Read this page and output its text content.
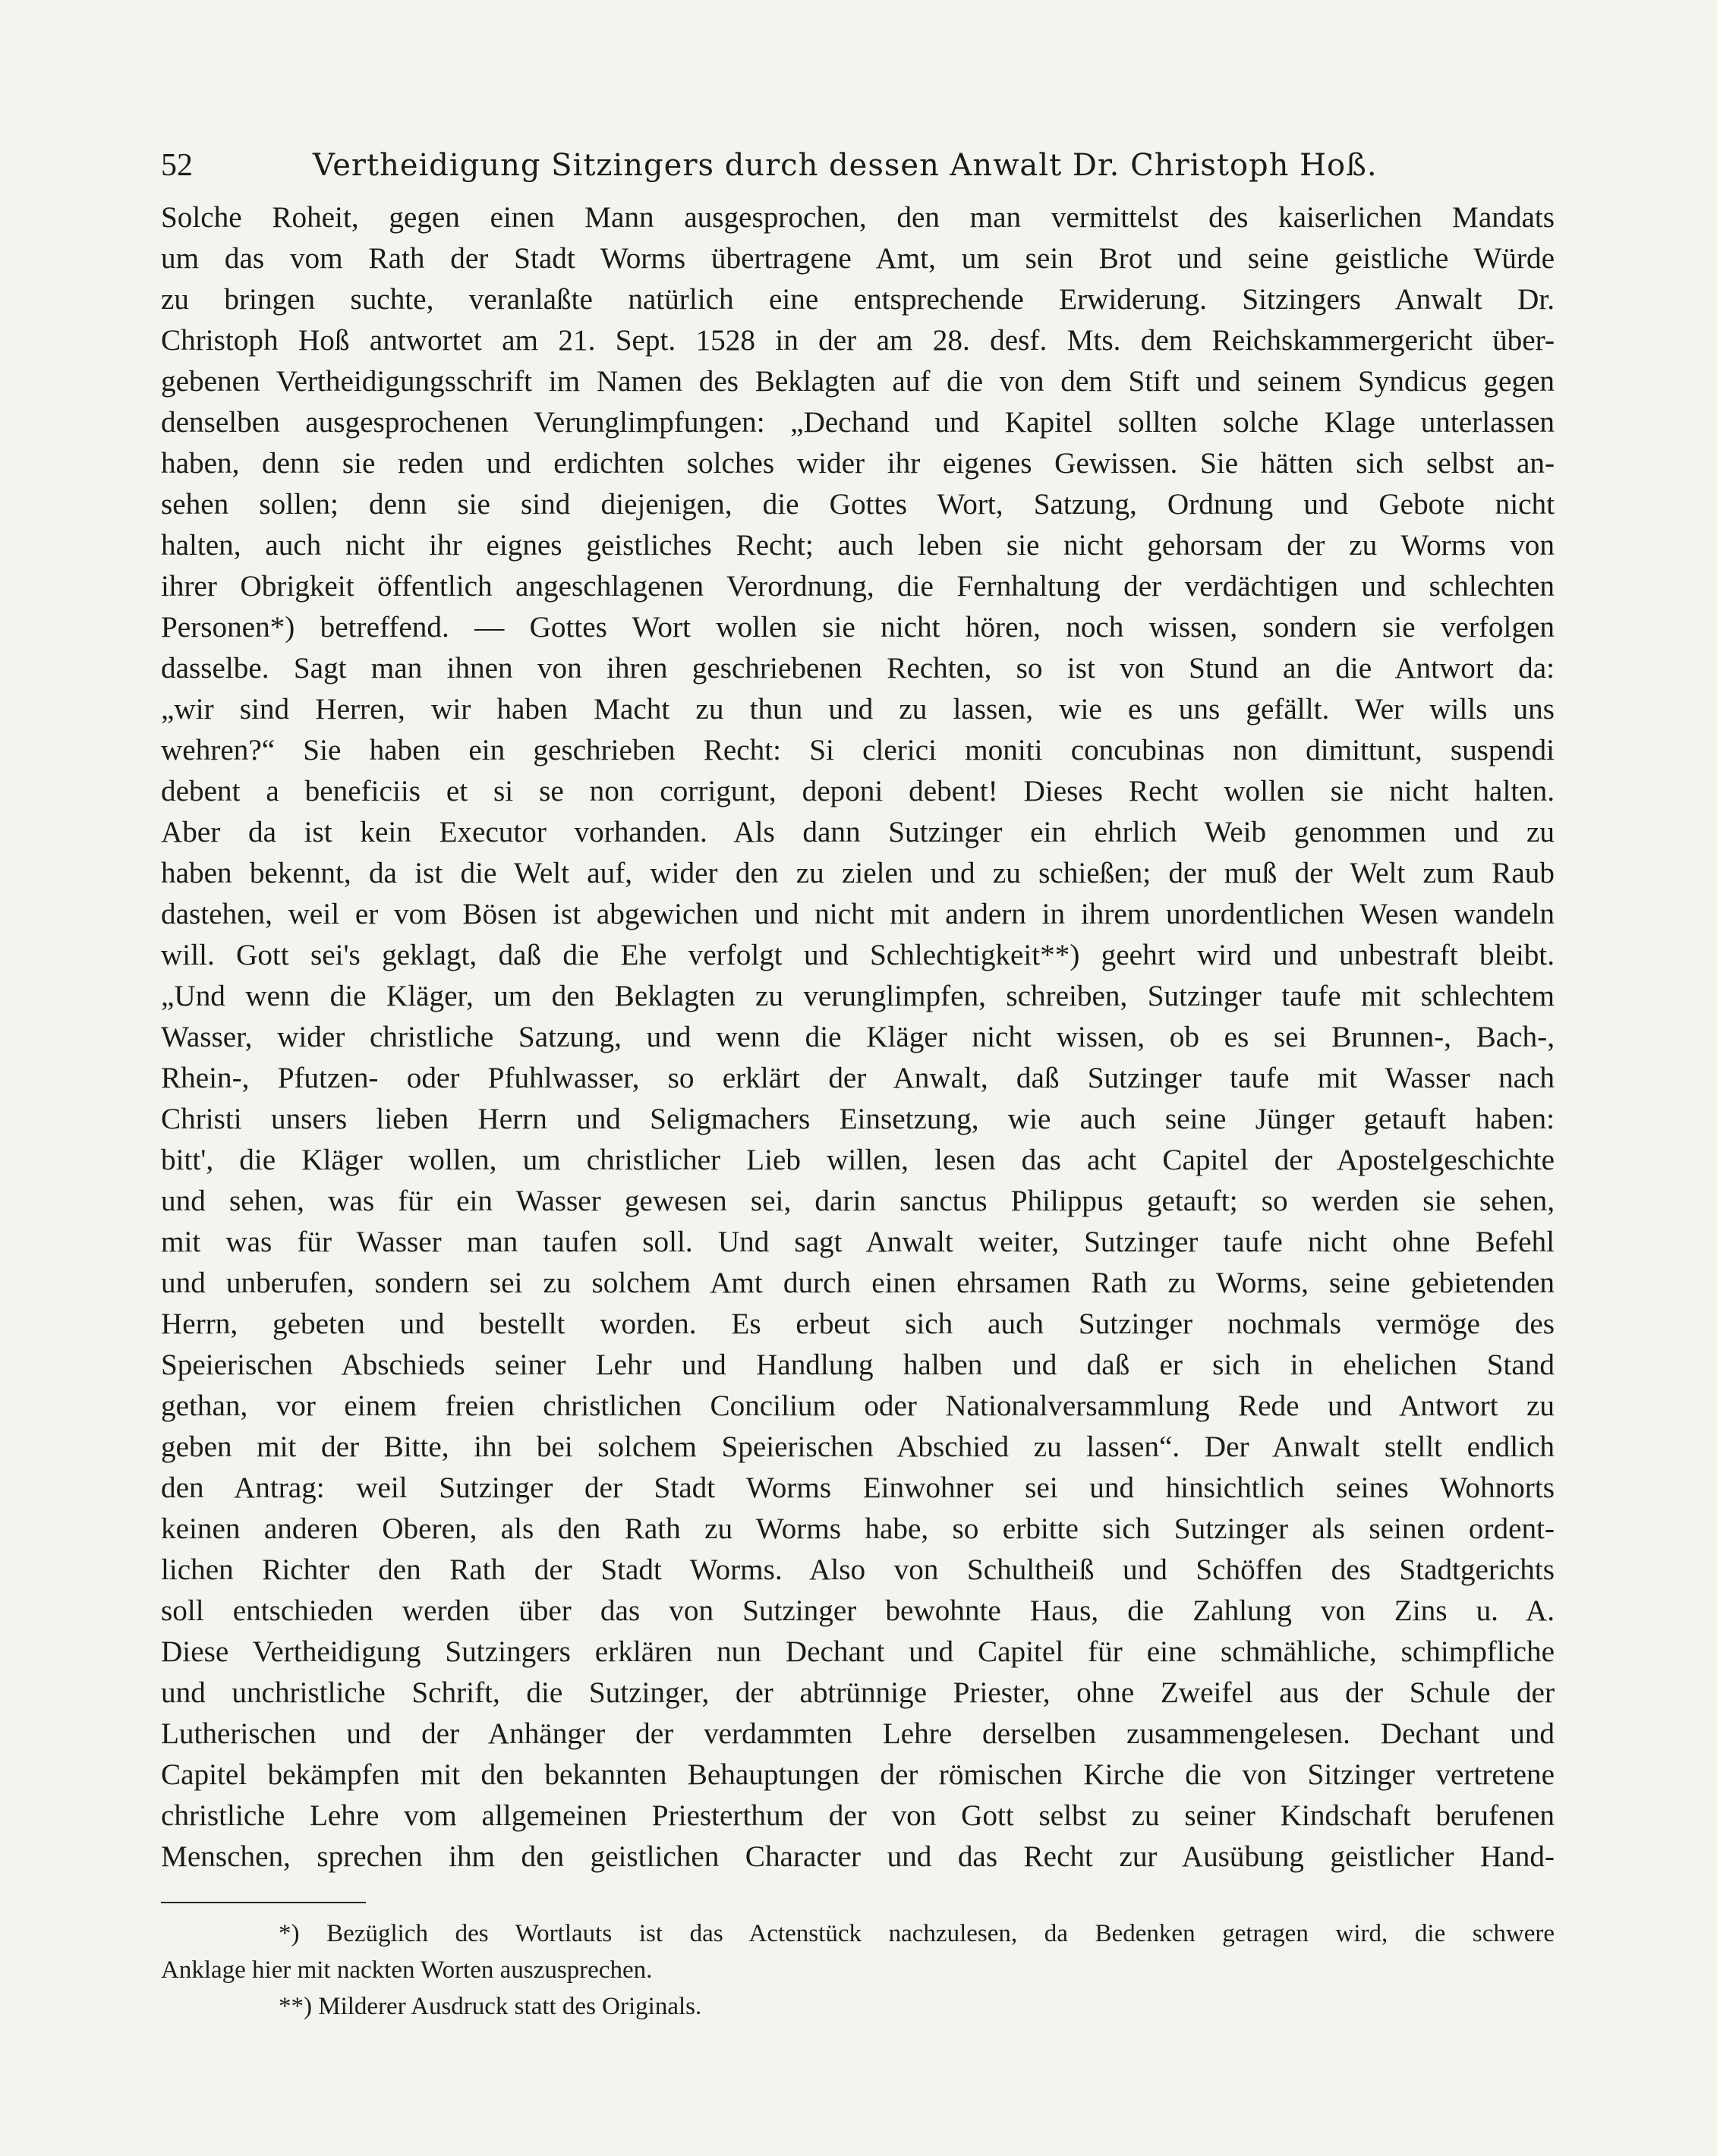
52	Vertheidigung Sitzingers durch dessen Anwalt Dr. Christoph Hoß.
Solche Roheit, gegen einen Mann ausgesprochen, den man vermittelst des kaiserlichen Mandats
um das vom Rath der Stadt Worms übertragene Amt, um sein Brot und seine geistliche Würde
zu bringen suchte, veranlaßte natürlich eine entsprechende Erwiderung. Sitzingers Anwalt Dr.
Christoph Hoß antwortet am 21. Sept. 1528 in der am 28. desf. Mts. dem Reichskammergericht über-
gebenen Vertheidigungsschrift im Namen des Beklagten auf die von dem Stift und seinem Syndicus gegen
denselben ausgesprochenen Verunglimpfungen: „Dechand und Kapitel sollten solche Klage unterlassen
haben, denn sie reden und erdichten solches wider ihr eigenes Gewissen. Sie hätten sich selbst an-
sehen sollen; denn sie sind diejenigen, die Gottes Wort, Satzung, Ordnung und Gebote nicht
halten, auch nicht ihr eignes geistliches Recht; auch leben sie nicht gehorsam der zu Worms von
ihrer Obrigkeit öffentlich angeschlagenen Verordnung, die Fernhaltung der verdächtigen und schlechten
Personen*) betreffend. — Gottes Wort wollen sie nicht hören, noch wissen, sondern sie verfolgen
dasselbe. Sagt man ihnen von ihren geschriebenen Rechten, so ist von Stund an die Antwort da:
„wir sind Herren, wir haben Macht zu thun und zu lassen, wie es uns gefällt. Wer wills uns
wehren?“ Sie haben ein geschrieben Recht: Si clerici moniti concubinas non dimittunt, suspendi
debent a beneficiis et si se non corrigunt, deponi debent! Dieses Recht wollen sie nicht halten.
Aber da ist kein Executor vorhanden. Als dann Sutzinger ein ehrlich Weib genommen und zu
haben bekennt, da ist die Welt auf, wider den zu zielen und zu schießen; der muß der Welt zum Raub
dastehen, weil er vom Bösen ist abgewichen und nicht mit andern in ihrem unordentlichen Wesen wandeln
will. Gott sei's geklagt, daß die Ehe verfolgt und Schlechtigkeit**) geehrt wird und unbestraft bleibt.
„Und wenn die Kläger, um den Beklagten zu verunglimpfen, schreiben, Sutzinger taufe mit schlechtem
Wasser, wider christliche Satzung, und wenn die Kläger nicht wissen, ob es sei Brunnen-, Bach-,
Rhein-, Pfutzen- oder Pfuhlwasser, so erklärt der Anwalt, daß Sutzinger taufe mit Wasser nach
Christi unsers lieben Herrn und Seligmachers Einsetzung, wie auch seine Jünger getauft haben:
bitt', die Kläger wollen, um christlicher Lieb willen, lesen das acht Capitel der Apostelgeschichte
und sehen, was für ein Wasser gewesen sei, darin sanctus Philippus getauft; so werden sie sehen,
mit was für Wasser man taufen soll. Und sagt Anwalt weiter, Sutzinger taufe nicht ohne Befehl
und unberufen, sondern sei zu solchem Amt durch einen ehrsamen Rath zu Worms, seine gebietenden
Herrn, gebeten und bestellt worden. Es erbeut sich auch Sutzinger nochmals vermöge des
Speierischen Abschieds seiner Lehr und Handlung halben und daß er sich in ehelichen Stand
gethan, vor einem freien christlichen Concilium oder Nationalversammlung Rede und Antwort zu
geben mit der Bitte, ihn bei solchem Speierischen Abschied zu lassen“. Der Anwalt stellt endlich
den Antrag: weil Sutzinger der Stadt Worms Einwohner sei und hinsichtlich seines Wohnorts
keinen anderen Oberen, als den Rath zu Worms habe, so erbitte sich Sutzinger als seinen ordent-
lichen Richter den Rath der Stadt Worms. Also von Schultheiß und Schöffen des Stadtgerichts
soll entschieden werden über das von Sutzinger bewohnte Haus, die Zahlung von Zins u. A.
Diese Vertheidigung Sutzingers erklären nun Dechant und Capitel für eine schmähliche, schimpfliche
und unchristliche Schrift, die Sutzinger, der abtrünnige Priester, ohne Zweifel aus der Schule der
Lutherischen und der Anhänger der verdammten Lehre derselben zusammengelesen. Dechant und
Capitel bekämpfen mit den bekannten Behauptungen der römischen Kirche die von Sitzinger vertretene
christliche Lehre vom allgemeinen Priesterthum der von Gott selbst zu seiner Kindschaft berufenen
Menschen, sprechen ihm den geistlichen Character und das Recht zur Ausübung geistlicher Hand-
*) Bezüglich des Wortlauts ist das Actenstück nachzulesen, da Bedenken getragen wird, die schwere
Anklage hier mit nackten Worten auszusprechen.
**) Milderer Ausdruck statt des Originals.
